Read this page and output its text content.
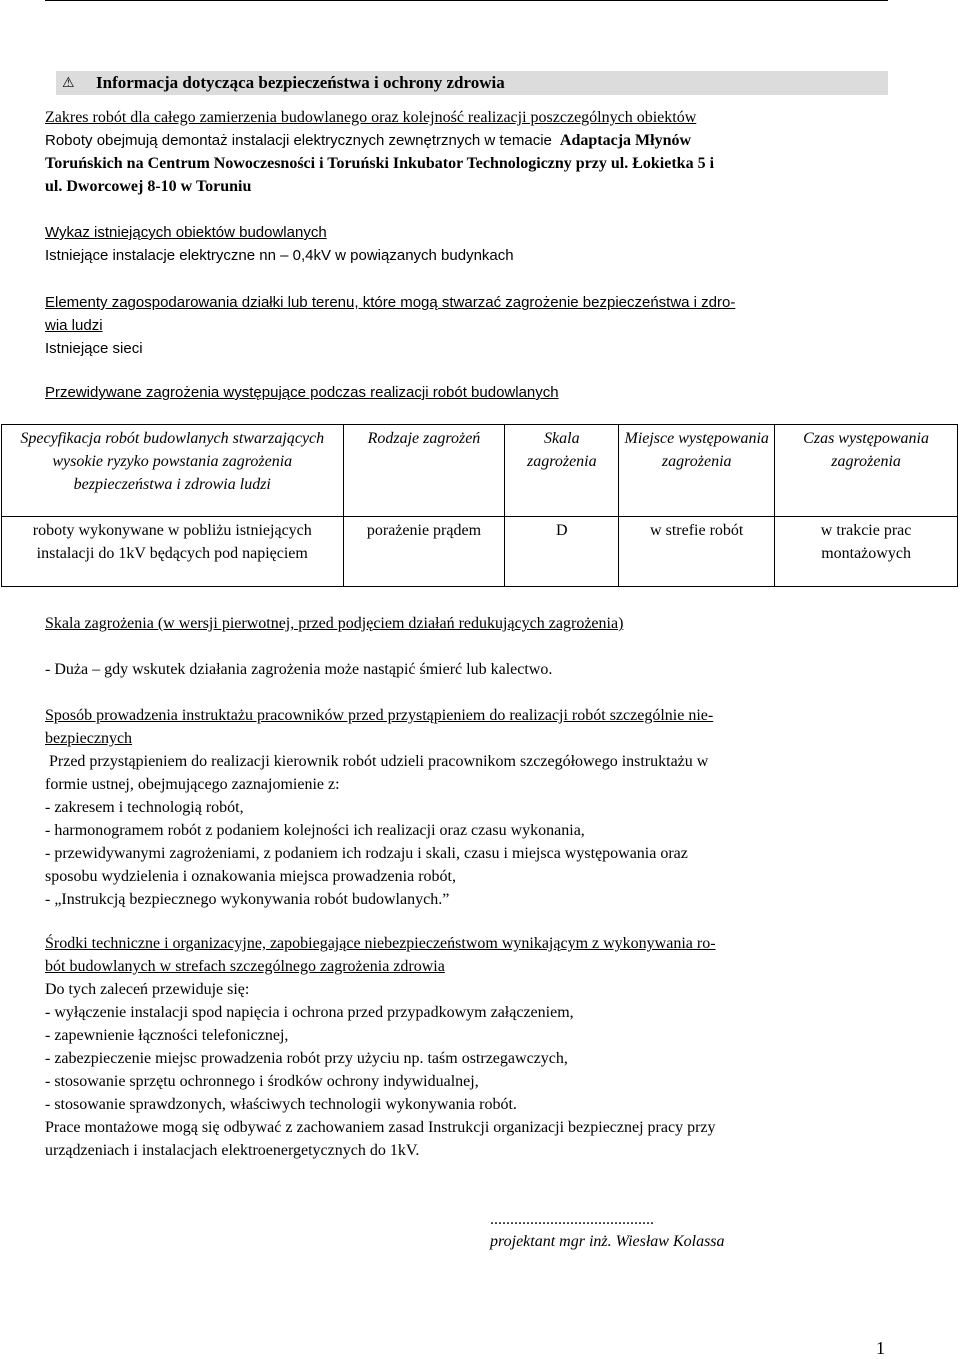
⚠	Informacja dotycząca bezpieczeństwa i ochrony zdrowia
Zakres robót dla całego zamierzenia budowlanego oraz kolejność realizacji poszczególnych obiektów
Roboty obejmują demontaż instalacji elektrycznych zewnętrznych w temacie Adaptacja Młynów
Toruńskich na Centrum Nowoczesności i Toruński Inkubator Technologiczny przy ul. Łokietka 5 i
ul. Dworcowej 8-10 w Toruniu
Wykaz istniejących obiektów budowlanych
Istniejące instalacje elektryczne nn – 0,4kV w powiązanych budynkach
Elementy zagospodarowania działki lub terenu, które mogą stwarzać zagrożenie bezpieczeństwa i zdro-
wia ludzi
Istniejące sieci
Przewidywane zagrożenia występujące podczas realizacji robót budowlanych
Specyfikacja robót budowlanych stwarzających wysokie ryzyko powstania zagrożenia bezpieczeństwa i zdrowia ludzi	Rodzaje zagrożeń	Skala zagrożenia	Miejsce występowania zagrożenia	Czas występowania zagrożenia
roboty wykonywane w pobliżu istniejących instalacji do 1kV będących pod napięciem	porażenie prądem	D	w strefie robót	w trakcie prac montażowych
Skala zagrożenia (w wersji pierwotnej, przed podjęciem działań redukujących zagrożenia)
- Duża – gdy wskutek działania zagrożenia może nastąpić śmierć lub kalectwo.
Sposób prowadzenia instruktażu pracowników przed przystąpieniem do realizacji robót szczególnie nie-
bezpiecznych
Przed przystąpieniem do realizacji kierownik robót udzieli pracownikom szczegółowego instruktażu w
formie ustnej, obejmującego zaznajomienie z:
- zakresem i technologią robót,
- harmonogramem robót z podaniem kolejności ich realizacji oraz czasu wykonania,
- przewidywanymi zagrożeniami, z podaniem ich rodzaju i skali, czasu i miejsca występowania oraz
sposobu wydzielenia i oznakowania miejsca prowadzenia robót,
- „Instrukcją bezpiecznego wykonywania robót budowlanych.”
Środki techniczne i organizacyjne, zapobiegające niebezpieczeństwom wynikającym z wykonywania ro-
bót budowlanych w strefach szczególnego zagrożenia zdrowia
Do tych zaleceń przewiduje się:
- wyłączenie instalacji spod napięcia i ochrona przed przypadkowym załączeniem,
- zapewnienie łączności telefonicznej,
- zabezpieczenie miejsc prowadzenia robót przy użyciu np. taśm ostrzegawczych,
- stosowanie sprzętu ochronnego i środków ochrony indywidualnej,
- stosowanie sprawdzonych, właściwych technologii wykonywania robót.
Prace montażowe mogą się odbywać z zachowaniem zasad Instrukcji organizacji bezpiecznej pracy przy
urządzeniach i instalacjach elektroenergetycznych do 1kV.
.........................................
projektant mgr inż. Wiesław Kolassa
1
